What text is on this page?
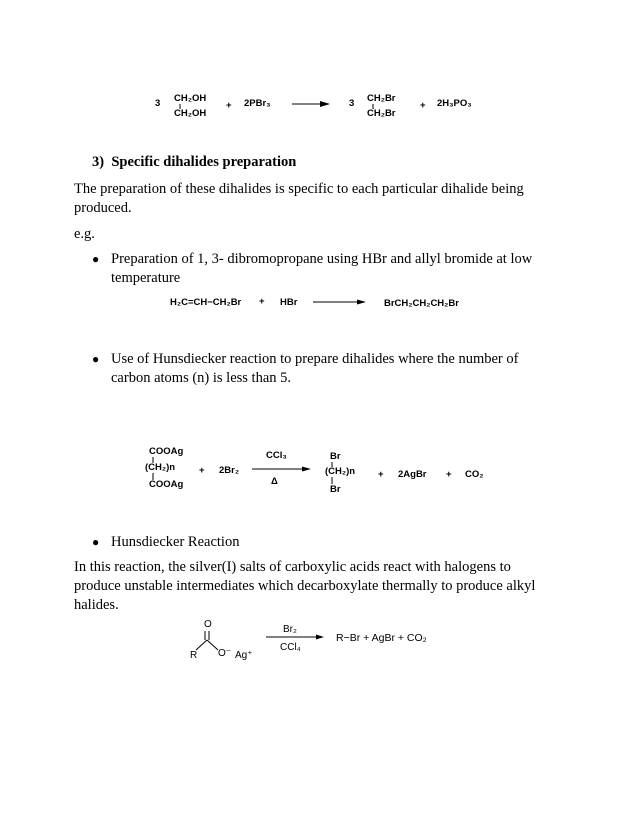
3 CH₂OH
CH₂OH
+ 2PBr₃	3 CH₂Br
CH₂Br
+ 2H₃PO₃
3)  Specific dihalides preparation
The preparation of these dihalides is specific to each particular dihalide being produced.
e.g.
● Preparation of 1, 3- dibromopropane using HBr and allyl bromide at low temperature
H₂C=CH−CH₂Br + HBr	BrCH₂CH₂CH₂Br
● Use of Hunsdiecker reaction to prepare dihalides where the number of carbon atoms (n) is less than 5.
COOAg
(CH₂)n
COOAg
+ 2Br₂
CCl₃
Δ
Br
(CH₂)n
Br
+ 2AgBr + CO₂
● Hunsdiecker Reaction
In this reaction, the silver(I) salts of carboxylic acids react with halogens to produce unstable intermediates which decarboxylate thermally to produce alkyl halides.
O
R O⁻ Ag⁺
Br₂
CCl₄
R−Br + AgBr + CO₂
